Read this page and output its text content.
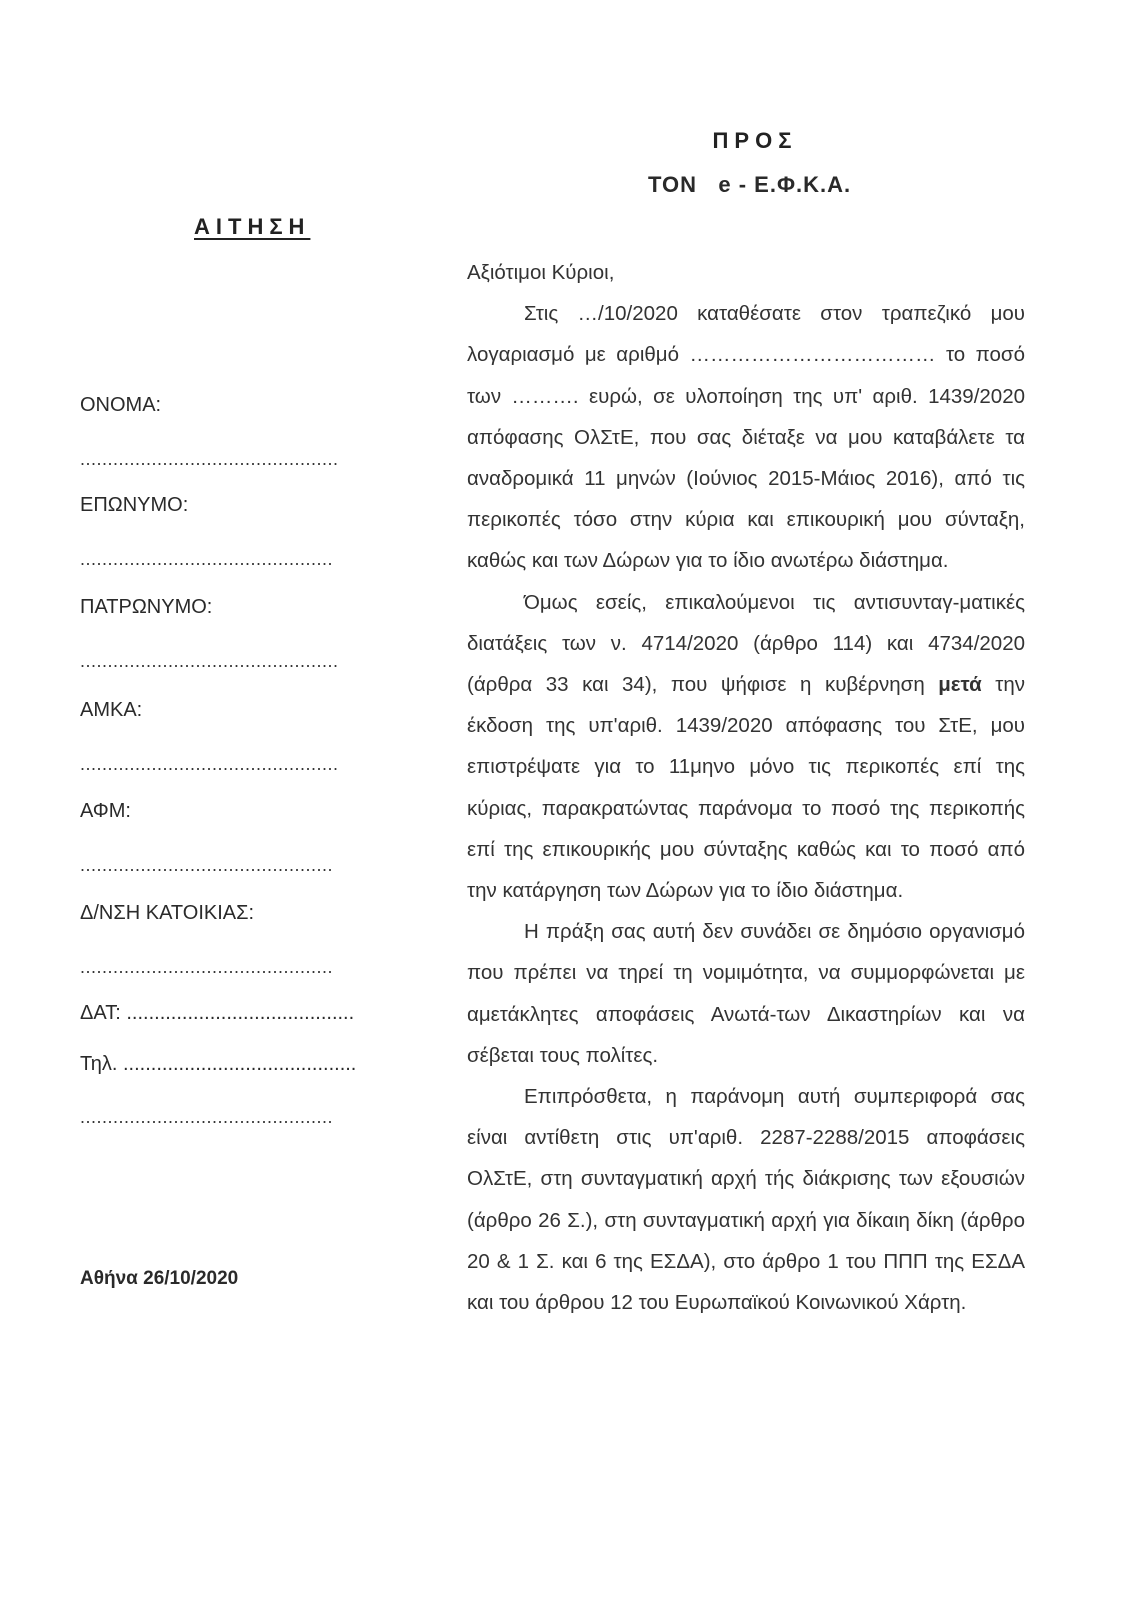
ΠΡΟΣ
ΤΟΝ   e - Ε.Φ.Κ.Α.
ΑΙΤΗΣΗ
ΟΝΟΜΑ:
...............................................
ΕΠΩΝΥΜΟ:
..............................................
ΠΑΤΡΩΝΥΜΟ:
...............................................
ΑΜΚΑ:
...............................................
ΑΦΜ:
..............................................
Δ/ΝΣΗ ΚΑΤΟΙΚΙΑΣ:
..............................................
ΔΑΤ: .........................................
Τηλ. ..........................................
..............................................
Αθήνα 26/10/2020

Αξιότιμοι Κύριοι,

Στις …/10/2020 καταθέσατε στον τραπεζικό μου λογαριασμό με αριθμό ……………………………… το ποσό των ………. ευρώ, σε υλοποίηση της υπ' αριθ. 1439/2020 απόφασης ΟλΣτΕ, που σας διέταξε να μου καταβάλετε τα αναδρομικά 11 μηνών (Ιούνιος 2015-Μάιος 2016), από τις περικοπές τόσο στην κύρια και επικουρική μου σύνταξη, καθώς και των Δώρων για το ίδιο ανωτέρω διάστημα.

Όμως εσείς, επικαλούμενοι τις αντισυνταγ-ματικές διατάξεις των ν. 4714/2020 (άρθρο 114) και 4734/2020 (άρθρα 33 και 34), που ψήφισε η κυβέρνηση μετά την έκδοση της υπ'αριθ. 1439/2020 απόφασης του ΣτΕ, μου επιστρέψατε για το 11μηνο μόνο τις περικοπές επί της κύριας, παρακρατώντας παράνομα το ποσό της περικοπής επί της επικουρικής μου σύνταξης καθώς και το ποσό από την κατάργηση των Δώρων για το ίδιο διάστημα.

Η πράξη σας αυτή δεν συνάδει σε δημόσιο οργανισμό που πρέπει να τηρεί τη νομιμότητα, να συμμορφώνεται με αμετάκλητες αποφάσεις Ανωτά-των Δικαστηρίων και να σέβεται τους πολίτες.

Επιπρόσθετα, η παράνομη αυτή συμπεριφορά σας είναι αντίθετη στις υπ'αριθ. 2287-2288/2015 αποφάσεις ΟλΣτΕ, στη συνταγματική αρχή τής διάκρισης των εξουσιών (άρθρο 26 Σ.), στη συνταγματική αρχή για δίκαιη δίκη (άρθρο 20 & 1 Σ. και 6 της ΕΣΔΑ), στο άρθρο 1 του ΠΠΠ της ΕΣΔΑ και του άρθρου 12 του Ευρωπαϊκού Κοινωνικού Χάρτη.
